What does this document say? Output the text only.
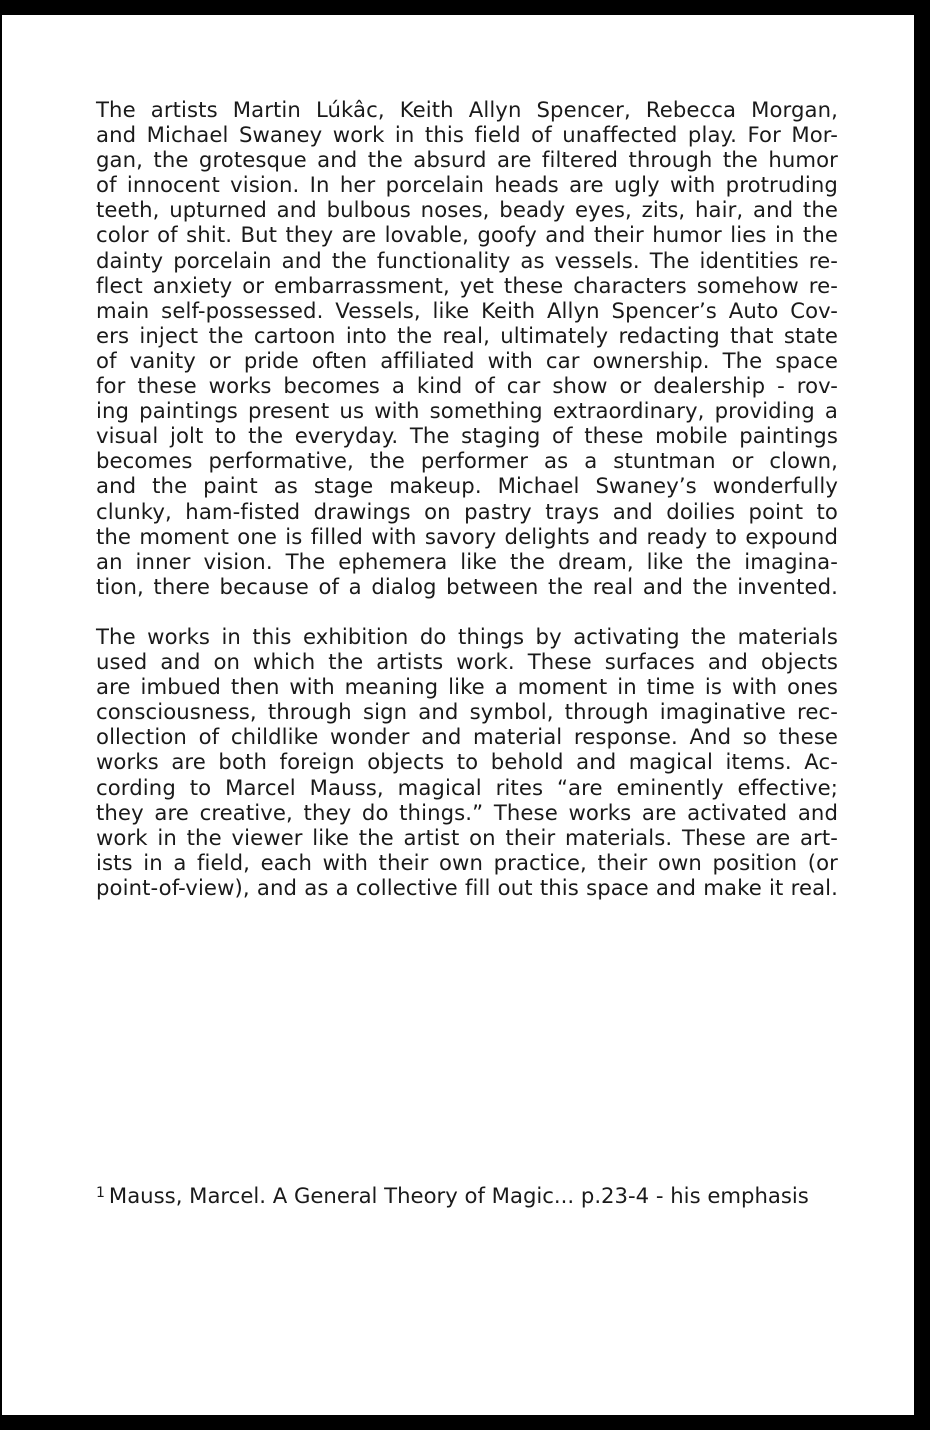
The artists Martin Lúkâc, Keith Allyn Spencer, Rebecca Morgan,
and Michael Swaney work in this field of unaffected play. For Mor-
gan, the grotesque and the absurd are filtered through the humor
of innocent vision. In her porcelain heads are ugly with protruding
teeth, upturned and bulbous noses, beady eyes, zits, hair, and the
color of shit. But they are lovable, goofy and their humor lies in the
dainty porcelain and the functionality as vessels. The identities re-
flect anxiety or embarrassment, yet these characters somehow re-
main self-possessed. Vessels, like Keith Allyn Spencer’s Auto Cov-
ers inject the cartoon into the real, ultimately redacting that state
of vanity or pride often affiliated with car ownership. The space
for these works becomes a kind of car show or dealership - rov-
ing paintings present us with something extraordinary, providing a
visual jolt to the everyday. The staging of these mobile paintings
becomes performative, the performer as a stuntman or clown,
and the paint as stage makeup. Michael Swaney’s wonderfully
clunky, ham-fisted drawings on pastry trays and doilies point to
the moment one is filled with savory delights and ready to expound
an inner vision. The ephemera like the dream, like the imagina-
tion, there because of a dialog between the real and the invented.
The works in this exhibition do things by activating the materials
used and on which the artists work. These surfaces and objects
are imbued then with meaning like a moment in time is with ones
consciousness, through sign and symbol, through imaginative rec-
ollection of childlike wonder and material response. And so these
works are both foreign objects to behold and magical items. Ac-
cording to Marcel Mauss, magical rites “are eminently effective;
they are creative, they do things.” These works are activated and
work in the viewer like the artist on their materials. These are art-
ists in a field, each with their own practice, their own position (or
point-of-view), and as a collective fill out this space and make it real.
$^1$ Mauss, Marcel. A General Theory of Magic... p.23-4 - his emphasis
